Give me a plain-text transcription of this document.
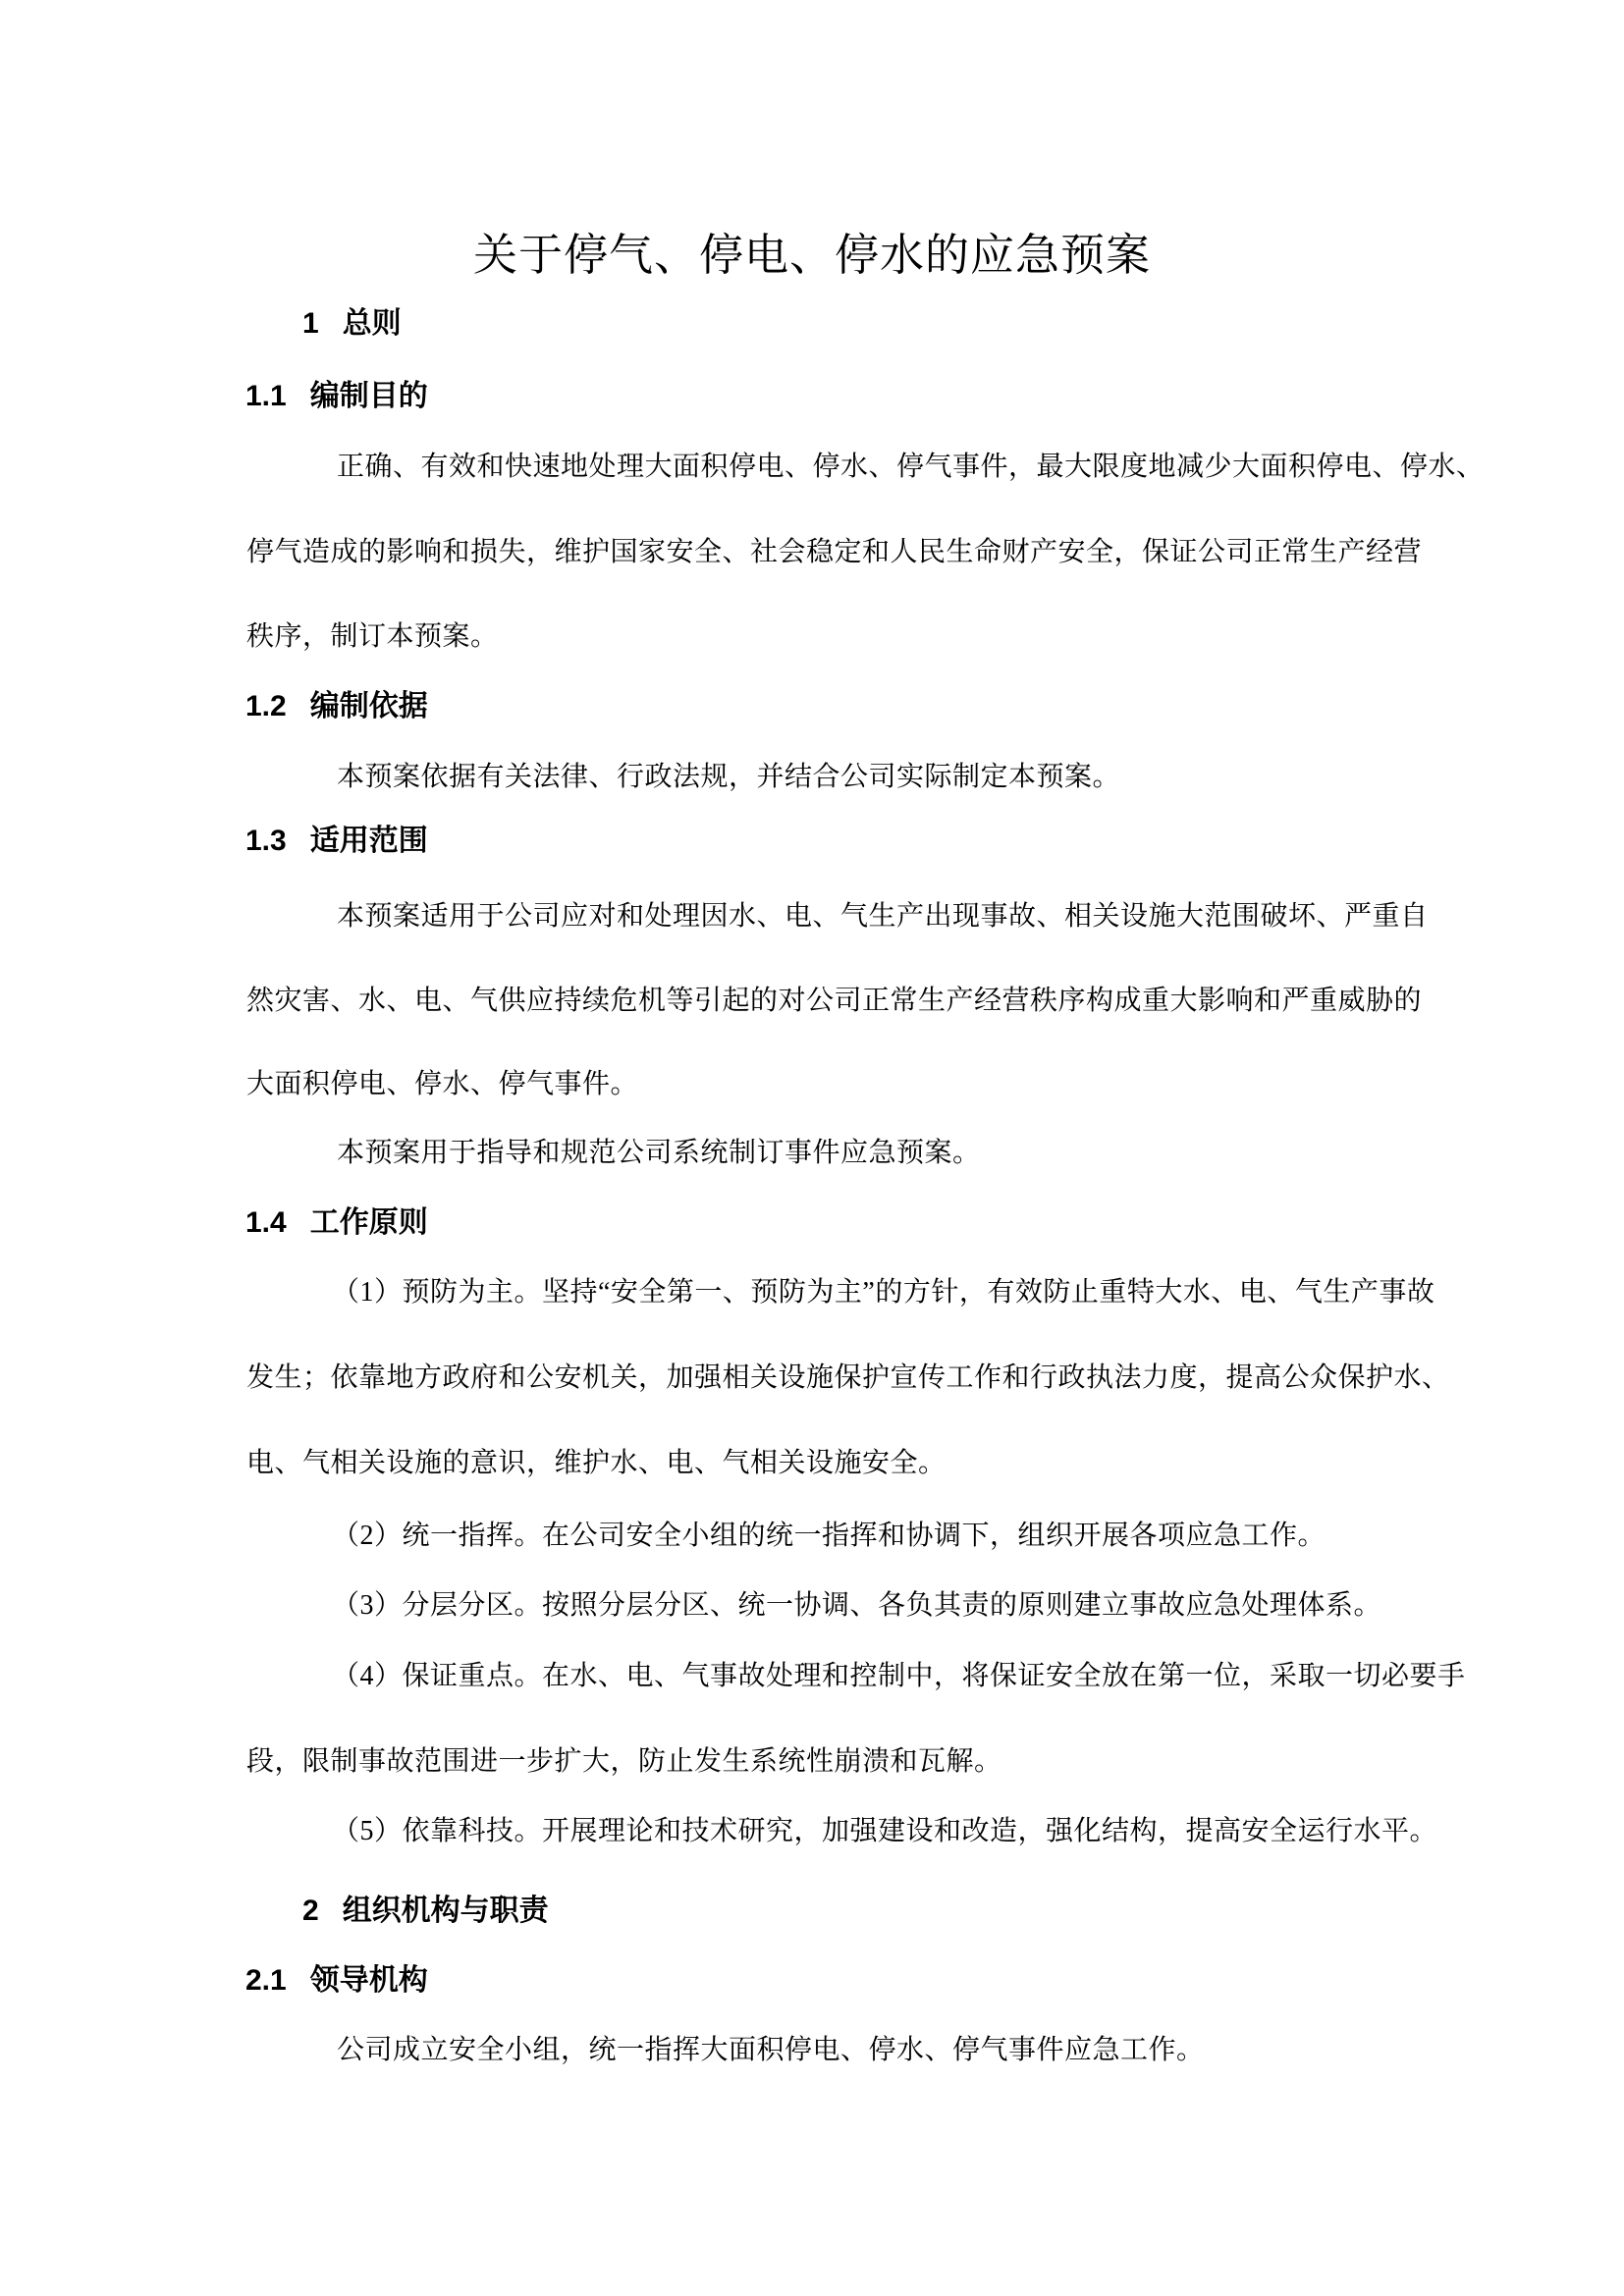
关于停气、停电、停水的应急预案
1 总则
1.1 编制目的
正确、有效和快速地处理大面积停电、停水、停气事件，最大限度地减少大面积停电、停水、
停气造成的影响和损失，维护国家安全、社会稳定和人民生命财产安全，保证公司正常生产经营
秩序，制订本预案。
1.2 编制依据
本预案依据有关法律、行政法规，并结合公司实际制定本预案。
1.3 适用范围
本预案适用于公司应对和处理因水、电、气生产出现事故、相关设施大范围破坏、严重自
然灾害、水、电、气供应持续危机等引起的对公司正常生产经营秩序构成重大影响和严重威胁的
大面积停电、停水、停气事件。
本预案用于指导和规范公司系统制订事件应急预案。
1.4 工作原则
（1）预防为主。坚持“安全第一、预防为主”的方针，有效防止重特大水、电、气生产事故
发生；依靠地方政府和公安机关，加强相关设施保护宣传工作和行政执法力度，提高公众保护水、
电、气相关设施的意识，维护水、电、气相关设施安全。
（2）统一指挥。在公司安全小组的统一指挥和协调下，组织开展各项应急工作。
（3）分层分区。按照分层分区、统一协调、各负其责的原则建立事故应急处理体系。
（4）保证重点。在水、电、气事故处理和控制中，将保证安全放在第一位，采取一切必要手
段，限制事故范围进一步扩大，防止发生系统性崩溃和瓦解。
（5）依靠科技。开展理论和技术研究，加强建设和改造，强化结构，提高安全运行水平。
2 组织机构与职责
2.1 领导机构
公司成立安全小组，统一指挥大面积停电、停水、停气事件应急工作。
